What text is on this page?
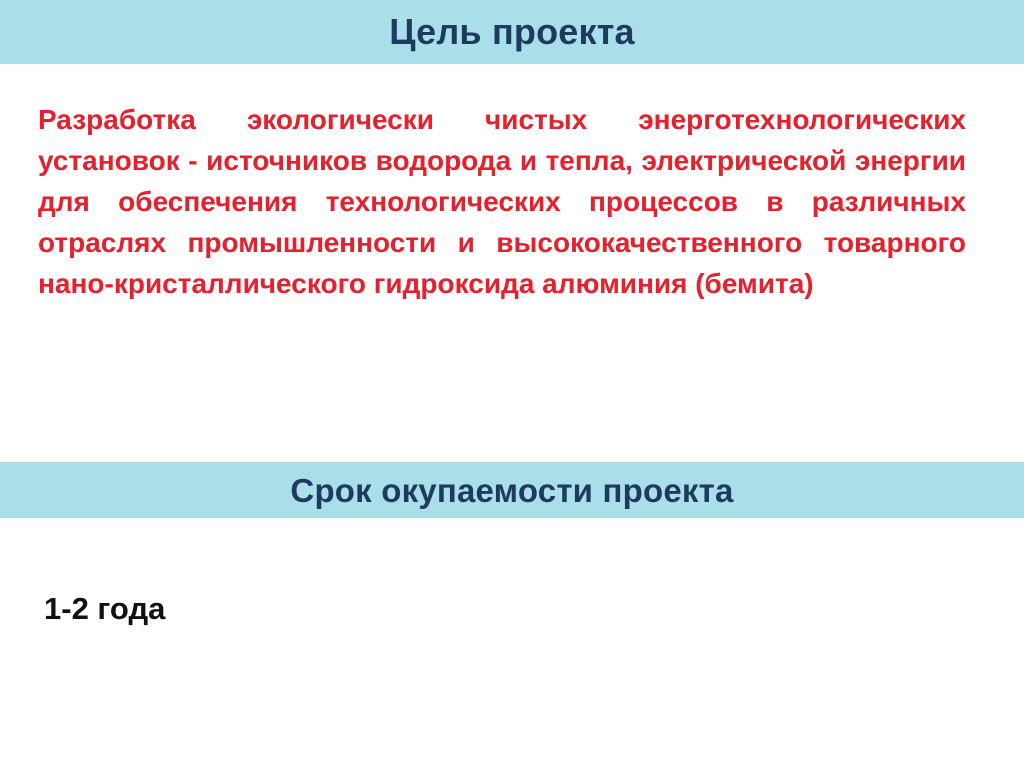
Цель проекта

Разработка экологически чистых энерготехнологических установок - источников водорода и тепла, электрической энергии для обеспечения технологических процессов в различных отраслях промышленности и высококачественного товарного нано-кристаллического гидроксида алюминия (бемита)

Срок окупаемости проекта

1-2 года
